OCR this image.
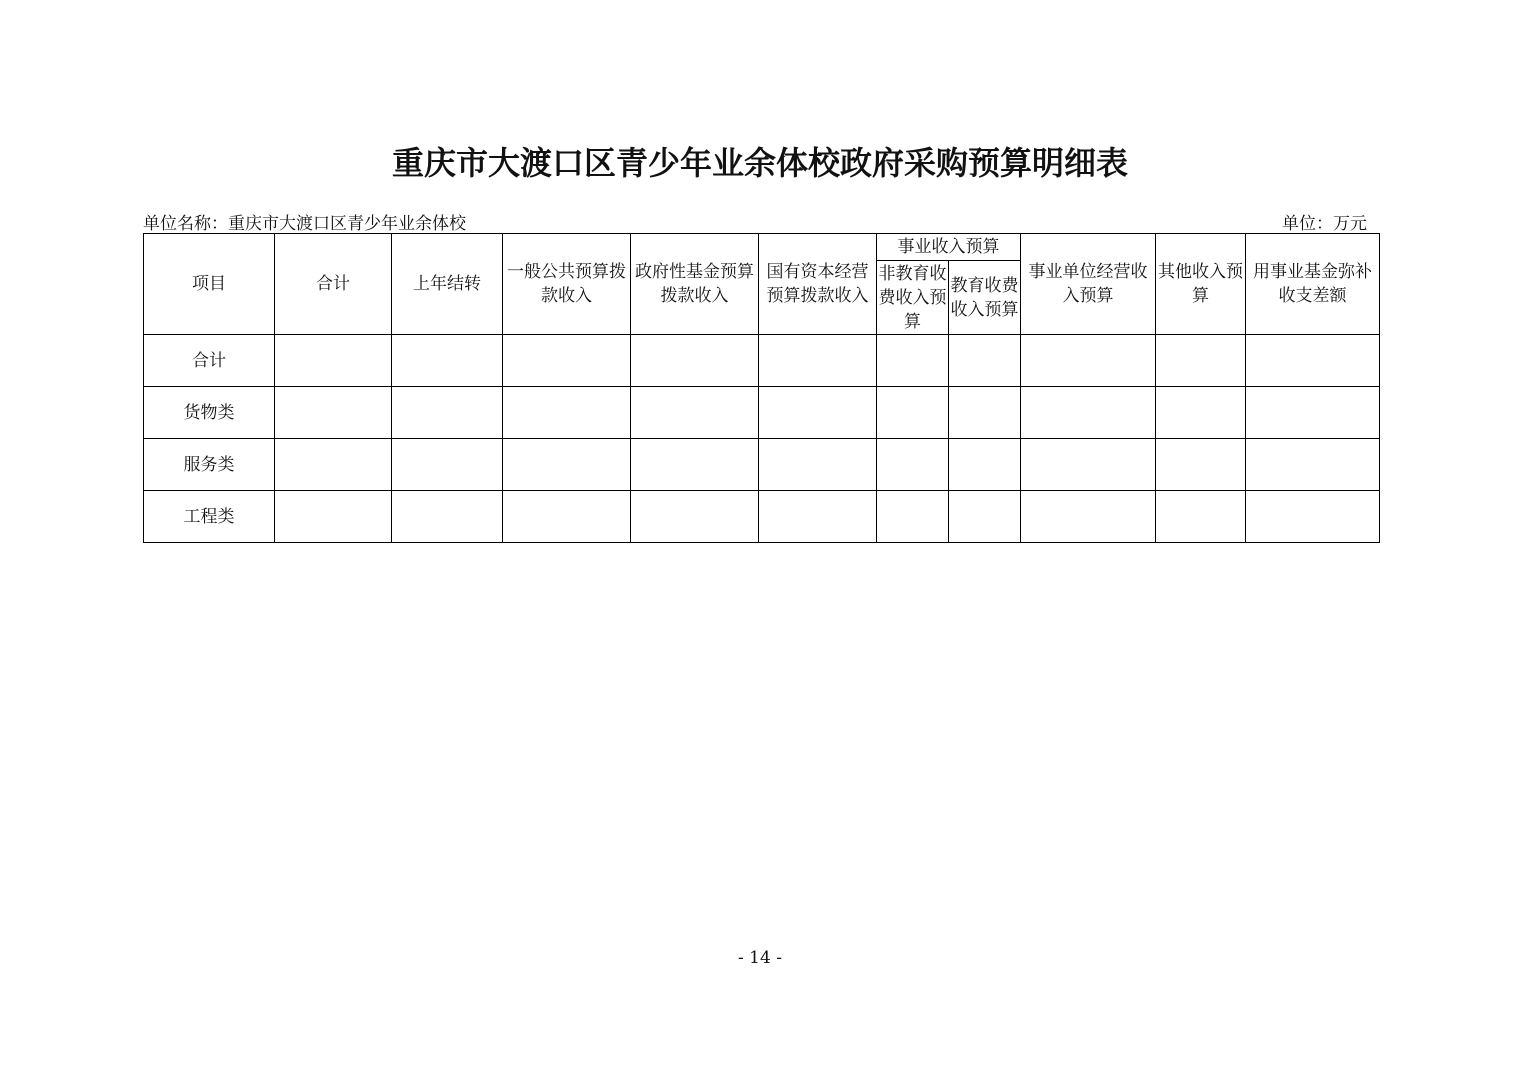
重庆市大渡口区青少年业余体校政府采购预算明细表
单位名称：重庆市大渡口区青少年业余体校	单位：万元
项目	合计	上年结转	一般公共预算拨款收入	政府性基金预算拨款收入	国有资本经营预算拨款收入	事业收入预算		事业单位经营收入预算	其他收入预算	用事业基金弥补收支差额
						非教育收费收入预算	教育收费收入预算			
合计										
货物类										
服务类										
工程类										
- 14 -
